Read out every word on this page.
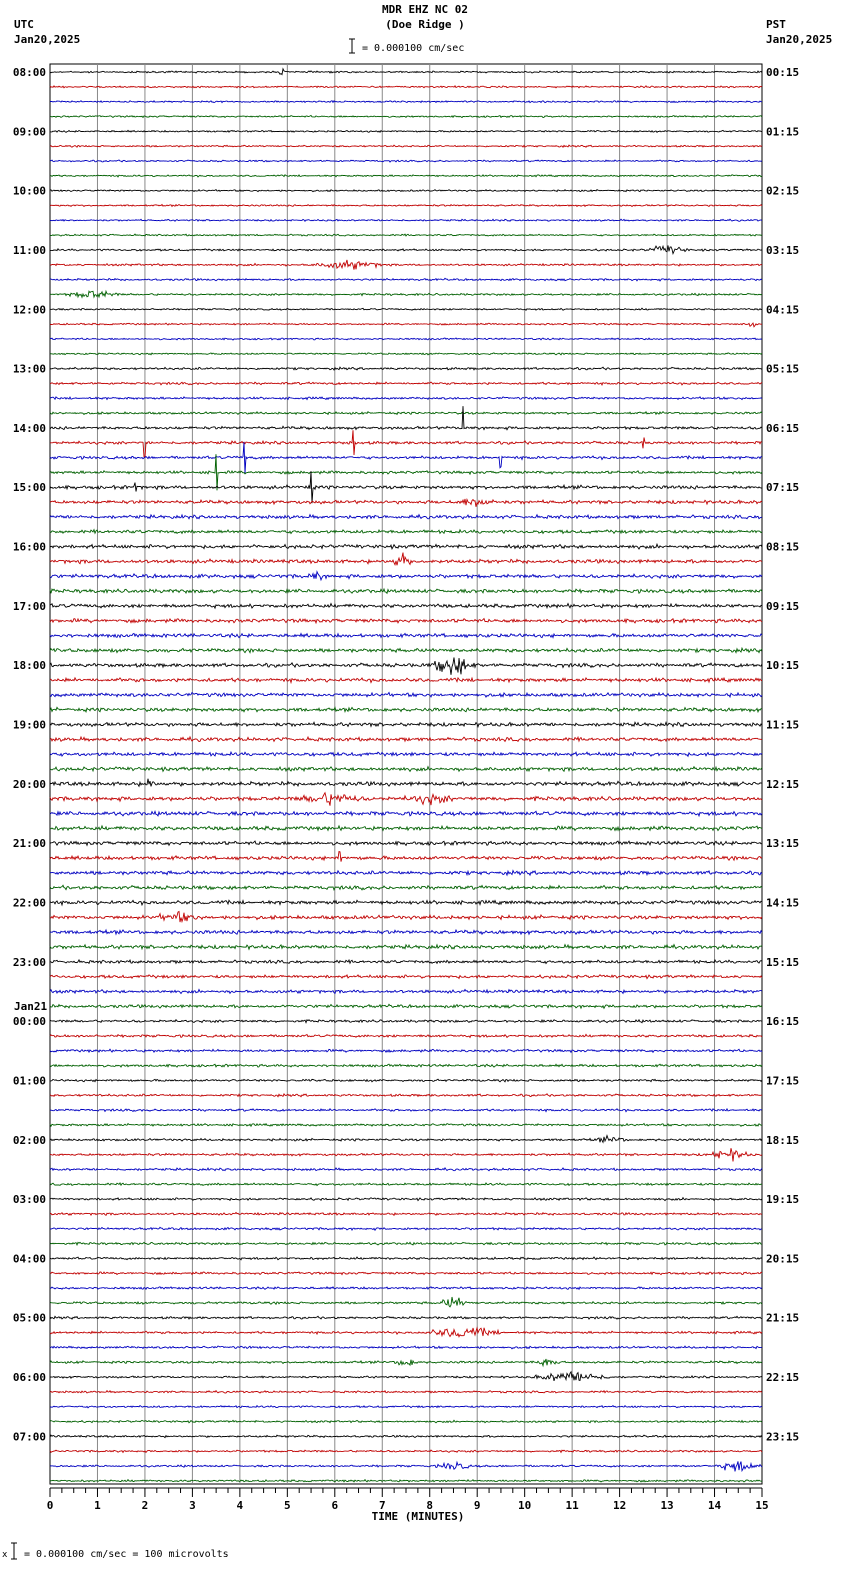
MDR EHZ NC 02
(Doe Ridge )
UTC
Jan20,2025
PST
Jan20,2025
= 0.000100 cm/sec
08:00
09:00
10:00
11:00
12:00
13:00
14:00
15:00
16:00
17:00
18:00
19:00
20:00
21:00
22:00
23:00
00:00
01:00
02:00
03:00
04:00
05:00
06:00
07:00
00:15
01:15
02:15
03:15
04:15
05:15
06:15
07:15
08:15
09:15
10:15
11:15
12:15
13:15
14:15
15:15
16:15
17:15
18:15
19:15
20:15
21:15
22:15
23:15
Jan21
0	1	2	3	4	5	6	7	8	9	10	11	12	13	14	15
TIME (MINUTES)
x = 0.000100 cm/sec = 100 microvolts
